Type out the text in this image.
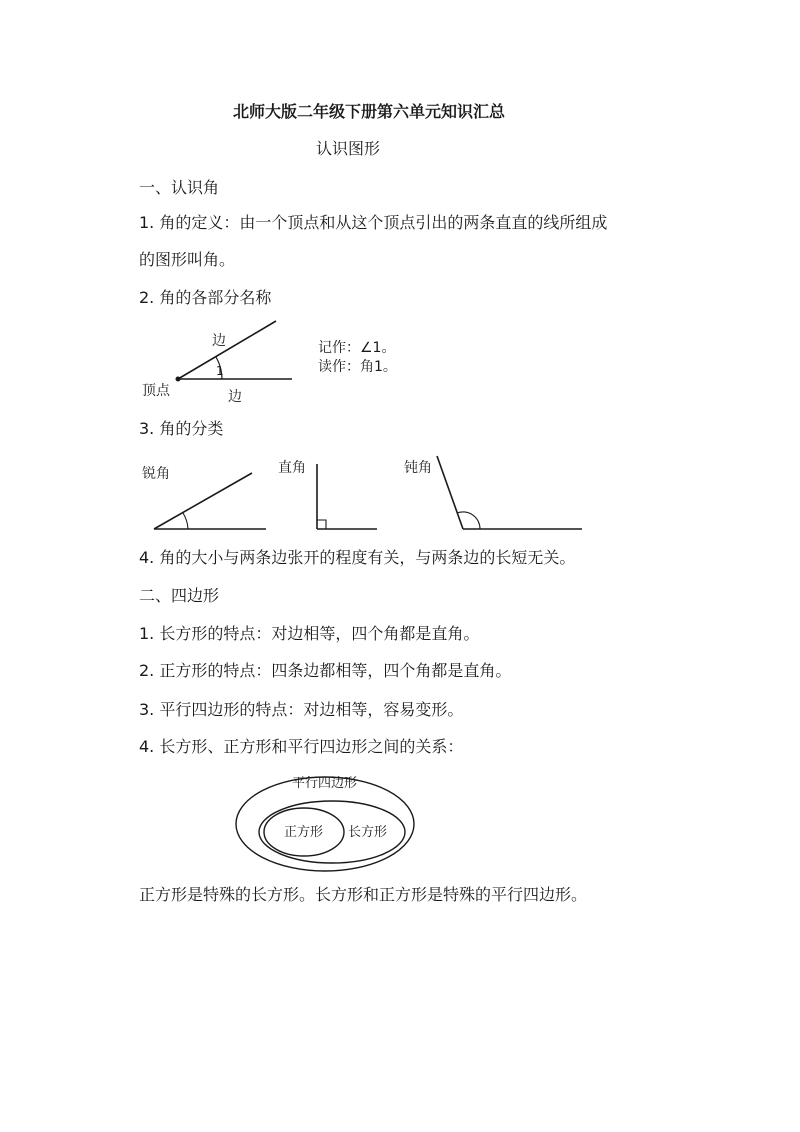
北师大版二年级下册第六单元知识汇总
认识图形
一、认识角
1. 角的定义：由一个顶点和从这个顶点引出的两条直直的线所组成
的图形叫角。
2. 角的各部分名称
边
1
顶点	边
记作：∠1。
读作：角1。
3. 角的分类
锐角	直角	钝角
4. 角的大小与两条边张开的程度有关，与两条边的长短无关。
二、四边形
1. 长方形的特点：对边相等，四个角都是直角。
2. 正方形的特点：四条边都相等，四个角都是直角。
3. 平行四边形的特点：对边相等，容易变形。
4. 长方形、正方形和平行四边形之间的关系：
平行四边形
正方形 长方形
正方形是特殊的长方形。长方形和正方形是特殊的平行四边形。
